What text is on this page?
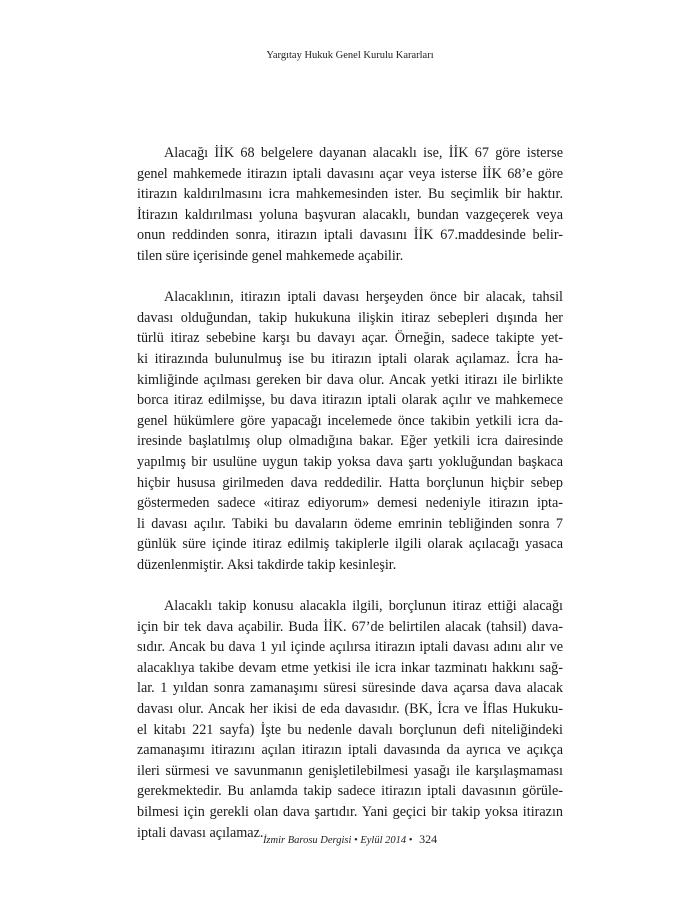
Yargıtay Hukuk Genel Kurulu Kararları
Alacağı İİK 68 belgelere dayanan alacaklı ise, İİK 67 göre isterse
genel mahkemede itirazın iptali davasını açar veya isterse İİK 68’e göre
itirazın kaldırılmasını icra mahkemesinden ister. Bu seçimlik bir haktır.
İtirazın kaldırılması yoluna başvuran alacaklı, bundan vazgeçerek veya
onun reddinden sonra, itirazın iptali davasını İİK 67.maddesinde belir-
tilen süre içerisinde genel mahkemede açabilir.
Alacaklının, itirazın iptali davası herşeyden önce bir alacak, tahsil
davası olduğundan, takip hukukuna ilişkin itiraz sebepleri dışında her
türlü itiraz sebebine karşı bu davayı açar. Örneğin, sadece takipte yet-
ki itirazında bulunulmuş ise bu itirazın iptali olarak açılamaz. İcra ha-
kimliğinde açılması gereken bir dava olur. Ancak yetki itirazı ile birlikte
borca itiraz edilmişse, bu dava itirazın iptali olarak açılır ve mahkemece
genel hükümlere göre yapacağı incelemede önce takibin yetkili icra da-
iresinde başlatılmış olup olmadığına bakar. Eğer yetkili icra dairesinde
yapılmış bir usulüne uygun takip yoksa dava şartı yokluğundan başkaca
hiçbir hususa girilmeden dava reddedilir. Hatta borçlunun hiçbir sebep
göstermeden sadece «itiraz ediyorum» demesi nedeniyle itirazın ipta-
li davası açılır. Tabiki bu davaların ödeme emrinin tebliğinden sonra 7
günlük süre içinde itiraz edilmiş takiplerle ilgili olarak açılacağı yasaca
düzenlenmiştir. Aksi takdirde takip kesinleşir.
Alacaklı takip konusu alacakla ilgili, borçlunun itiraz ettiği alacağı
için bir tek dava açabilir. Buda İİK. 67’de belirtilen alacak (tahsil) dava-
sıdır. Ancak bu dava 1 yıl içinde açılırsa itirazın iptali davası adını alır ve
alacaklıya takibe devam etme yetkisi ile icra inkar tazminatı hakkını sağ-
lar. 1 yıldan sonra zamanaşımı süresi süresinde dava açarsa dava alacak
davası olur. Ancak her ikisi de eda davasıdır. (BK, İcra ve İflas Hukuku-
el kitabı 221 sayfa) İşte bu nedenle davalı borçlunun defi niteliğindeki
zamanaşımı itirazını açılan itirazın iptali davasında da ayrıca ve açıkça
ileri sürmesi ve savunmanın genişletilebilmesi yasağı ile karşılaşmaması
gerekmektedir. Bu anlamda takip sadece itirazın iptali davasının görüle-
bilmesi için gerekli olan dava şartıdır. Yani geçici bir takip yoksa itirazın
iptali davası açılamaz. İzmir Barosu Dergisi • Eylül 2014 • 324
